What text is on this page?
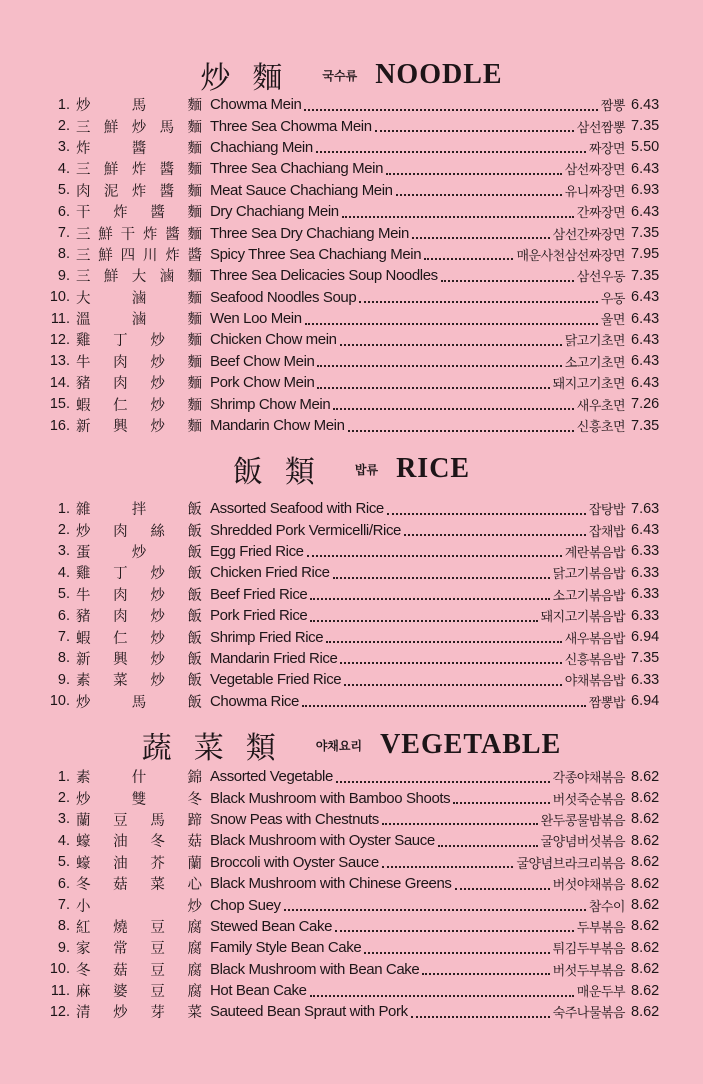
炒麵 국수류 NOODLE
1. 炒	馬	麵 Chowma Mein	짬뽕 6.43
2. 三 鮮 炒 馬 麵 Three Sea Chowma Mein	삼선짬뽕 7.35
3. 炸	醬	麵 Chachiang Mein	짜장면 5.50
4. 三 鮮 炸 醬 麵 Three Sea Chachiang Mein	삼선짜장면 6.43
5. 肉 泥 炸 醬 麵 Meat Sauce Chachiang Mein	유니짜장면 6.93
6. 干 炸 醬 麵 Dry Chachiang Mein	간짜장면 6.43
7. 三 鮮 干 炸 醬 麵 Three Sea Dry Chachiang Mein	삼선간짜장면 7.35
8. 三 鮮 四 川 炸 醬 Spicy Three Sea Chachiang Mein	매운사천삼선짜장면 7.95
9. 三 鮮 大 滷 麵 Three Sea Delicacies Soup Noodles	삼선우동 7.35
10. 大	滷	麵 Seafood Noodles Soup	우동 6.43
11. 溫	滷	麵 Wen Loo Mein	울면 6.43
12. 雞 丁 炒 麵 Chicken Chow mein	닭고기초면 6.43
13. 牛 肉 炒 麵 Beef Chow Mein	소고기초면 6.43
14. 豬 肉 炒 麵 Pork Chow Mein	돼지고기초면 6.43
15. 蝦 仁 炒 麵 Shrimp Chow Mein	새우초면 7.26
16. 新 興 炒 麵 Mandarin Chow Mein	신흥초면 7.35
飯類 밥류 RICE
1. 雜	拌	飯 Assorted Seafood with Rice	잡탕밥 7.63
2. 炒 肉 絲 飯 Shredded Pork Vermicelli/Rice	잡채밥 6.43
3. 蛋	炒	飯 Egg Fried Rice	계란볶음밥 6.33
4. 雞 丁 炒 飯 Chicken Fried Rice	닭고기볶음밥 6.33
5. 牛 肉 炒 飯 Beef Fried Rice	소고기볶음밥 6.33
6. 豬 肉 炒 飯 Pork Fried Rice	돼지고기볶음밥 6.33
7. 蝦 仁 炒 飯 Shrimp Fried Rice	새우볶음밥 6.94
8. 新 興 炒 飯 Mandarin Fried Rice	신흥볶음밥 7.35
9. 素 菜 炒 飯 Vegetable Fried Rice	야채볶음밥 6.33
10. 炒	馬	飯 Chowma Rice	짬뽕밥 6.94
蔬菜類 야채요리 VEGETABLE
1. 素	什	錦 Assorted Vegetable	각종야채볶음 8.62
2. 炒	雙	冬 Black Mushroom with Bamboo Shoots	버섯죽순볶음 8.62
3. 蘭 豆 馬 蹄 Snow Peas with Chestnuts	완두콩물밤볶음 8.62
4. 蠔 油 冬 菇 Black Mushroom with Oyster Sauce	굴양념버섯볶음 8.62
5. 蠔 油 芥 蘭 Broccoli with Oyster Sauce	굴양념브라크리볶음 8.62
6. 冬 菇 菜 心 Black Mushroom with Chinese Greens	버섯야채볶음 8.62
7. 小	炒 Chop Suey	참수이 8.62
8. 紅 燒 豆 腐 Stewed Bean Cake	두부볶음 8.62
9. 家 常 豆 腐 Family Style Bean Cake	튀김두부볶음 8.62
10. 冬 菇 豆 腐 Black Mushroom with Bean Cake	버섯두부볶음 8.62
11. 麻 婆 豆 腐 Hot Bean Cake	매운두부 8.62
12. 清 炒 芽 菜 Sauteed Bean Spraut with Pork	숙주나물볶음 8.62
